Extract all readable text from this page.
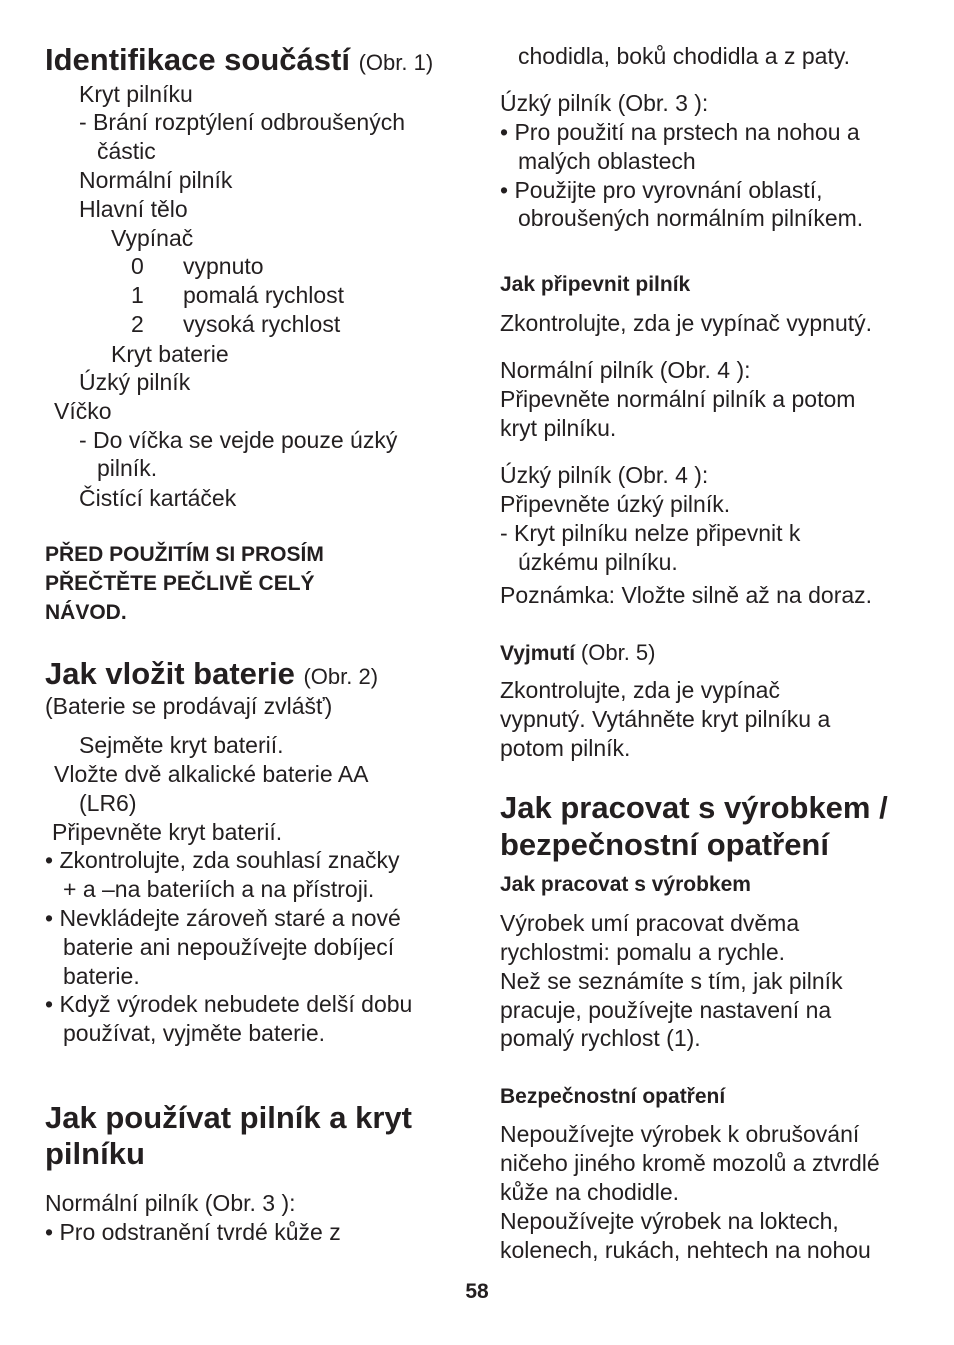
Identifikace součástí (Obr. 1)
Kryt pilníku
- Brání rozptýlení odbroušených
částic
Normální pilník
Hlavní tělo
Vypínač
0 vypnuto
1 pomalá rychlost
2 vysoká rychlost
Kryt baterie
Úzký pilník
Víčko
- Do víčka se vejde pouze úzký
pilník.
Čistící kartáček
PŘED POUŽITÍM SI PROSÍM
PŘEČTĚTE PEČLIVĚ CELÝ
NÁVOD.
Jak vložit baterie (Obr. 2)
(Baterie se prodávají zvlášť)
Sejměte kryt baterií.
Vložte dvě alkalické baterie AA
(LR6)
Připevněte kryt baterií.
• Zkontrolujte, zda souhlasí značky
+ a –na bateriích a na přístroji.
• Nevkládejte zároveň staré a nové
baterie ani nepoužívejte dobíjecí
baterie.
• Když výrodek nebudete delší dobu
používat, vyjměte baterie.
Jak používat pilník a kryt
pilníku
Normální pilník (Obr. 3 ):
• Pro odstranění tvrdé kůže z
chodidla, boků chodidla a z paty.
Úzký pilník (Obr. 3 ):
• Pro použití na prstech na nohou a
malých oblastech
• Použijte pro vyrovnání oblastí,
obroušených normálním pilníkem.
Jak připevnit pilník
Zkontrolujte, zda je vypínač vypnutý.
Normální pilník (Obr. 4 ):
Připevněte normální pilník a potom
kryt pilníku.
Úzký pilník (Obr. 4 ):
Připevněte úzký pilník.
- Kryt pilníku nelze připevnit k
úzkému pilníku.
Poznámka: Vložte silně až na doraz.
Vyjmutí (Obr. 5)
Zkontrolujte, zda je vypínač
vypnutý. Vytáhněte kryt pilníku a
potom pilník.
Jak pracovat s výrobkem /
bezpečnostní opatření
Jak pracovat s výrobkem
Výrobek umí pracovat dvěma
rychlostmi: pomalu a rychle.
Než se seznámíte s tím, jak pilník
pracuje, používejte nastavení na
pomalý rychlost (1).
Bezpečnostní opatření
Nepoužívejte výrobek k obrušování
ničeho jiného kromě mozolů a ztvrdlé
kůže na chodidle.
Nepoužívejte výrobek na loktech,
kolenech, rukách, nehtech na nohou
58
